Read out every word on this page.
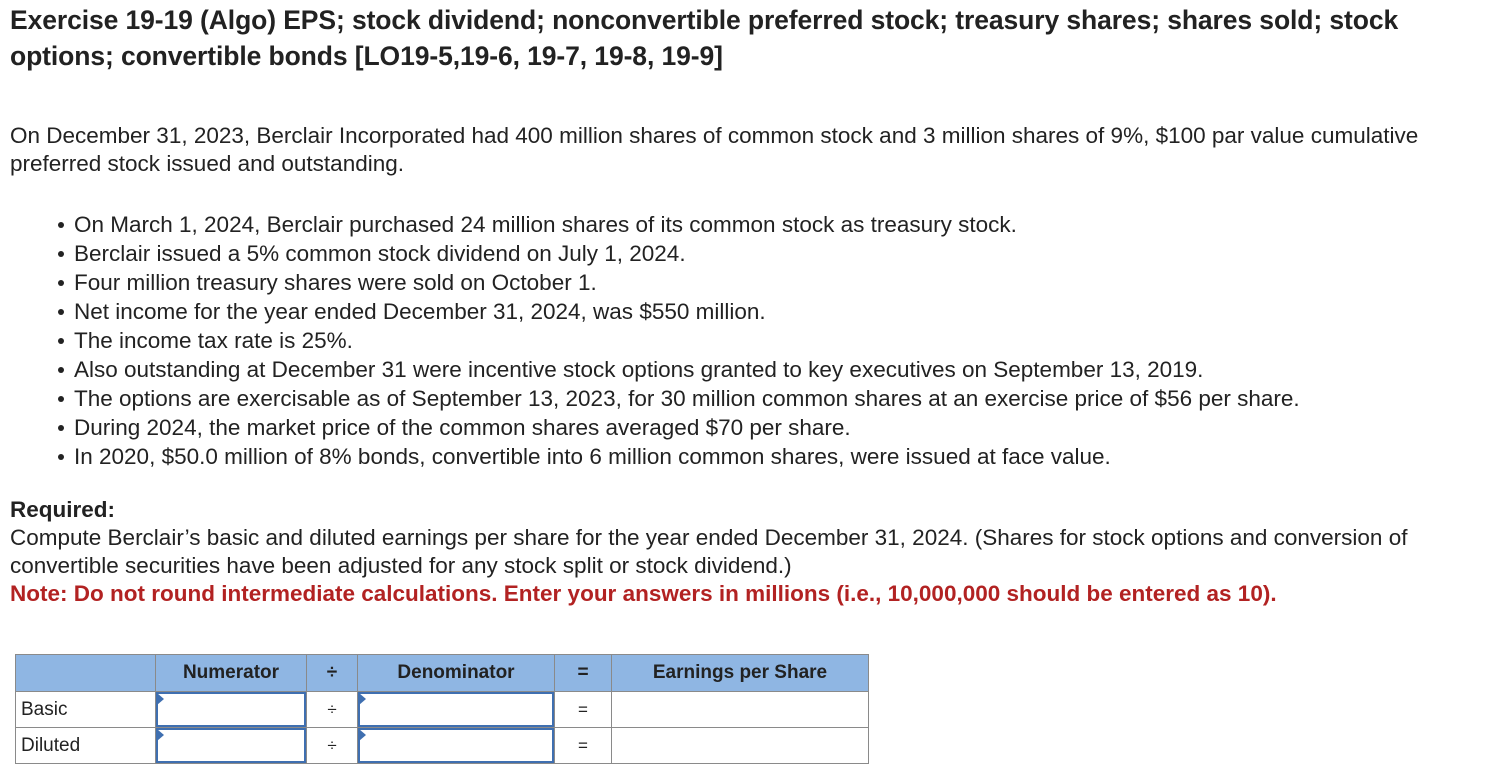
Exercise 19-19 (Algo) EPS; stock dividend; nonconvertible preferred stock; treasury shares; shares sold; stock options; convertible bonds [LO19-5,19-6, 19-7, 19-8, 19-9]

On December 31, 2023, Berclair Incorporated had 400 million shares of common stock and 3 million shares of 9%, $100 par value cumulative preferred stock issued and outstanding.

On March 1, 2024, Berclair purchased 24 million shares of its common stock as treasury stock.
Berclair issued a 5% common stock dividend on July 1, 2024.
Four million treasury shares were sold on October 1.
Net income for the year ended December 31, 2024, was $550 million.
The income tax rate is 25%.
Also outstanding at December 31 were incentive stock options granted to key executives on September 13, 2019.
The options are exercisable as of September 13, 2023, for 30 million common shares at an exercise price of $56 per share.
During 2024, the market price of the common shares averaged $70 per share.
In 2020, $50.0 million of 8% bonds, convertible into 6 million common shares, were issued at face value.
Required:
Compute Berclair’s basic and diluted earnings per share for the year ended December 31, 2024. (Shares for stock options and conversion of convertible securities have been adjusted for any stock split or stock dividend.)
Note: Do not round intermediate calculations. Enter your answers in millions (i.e., 10,000,000 should be entered as 10).
	Numerator	÷	Denominator	=	Earnings per Share
Basic		÷		=	
Diluted		÷		=	
